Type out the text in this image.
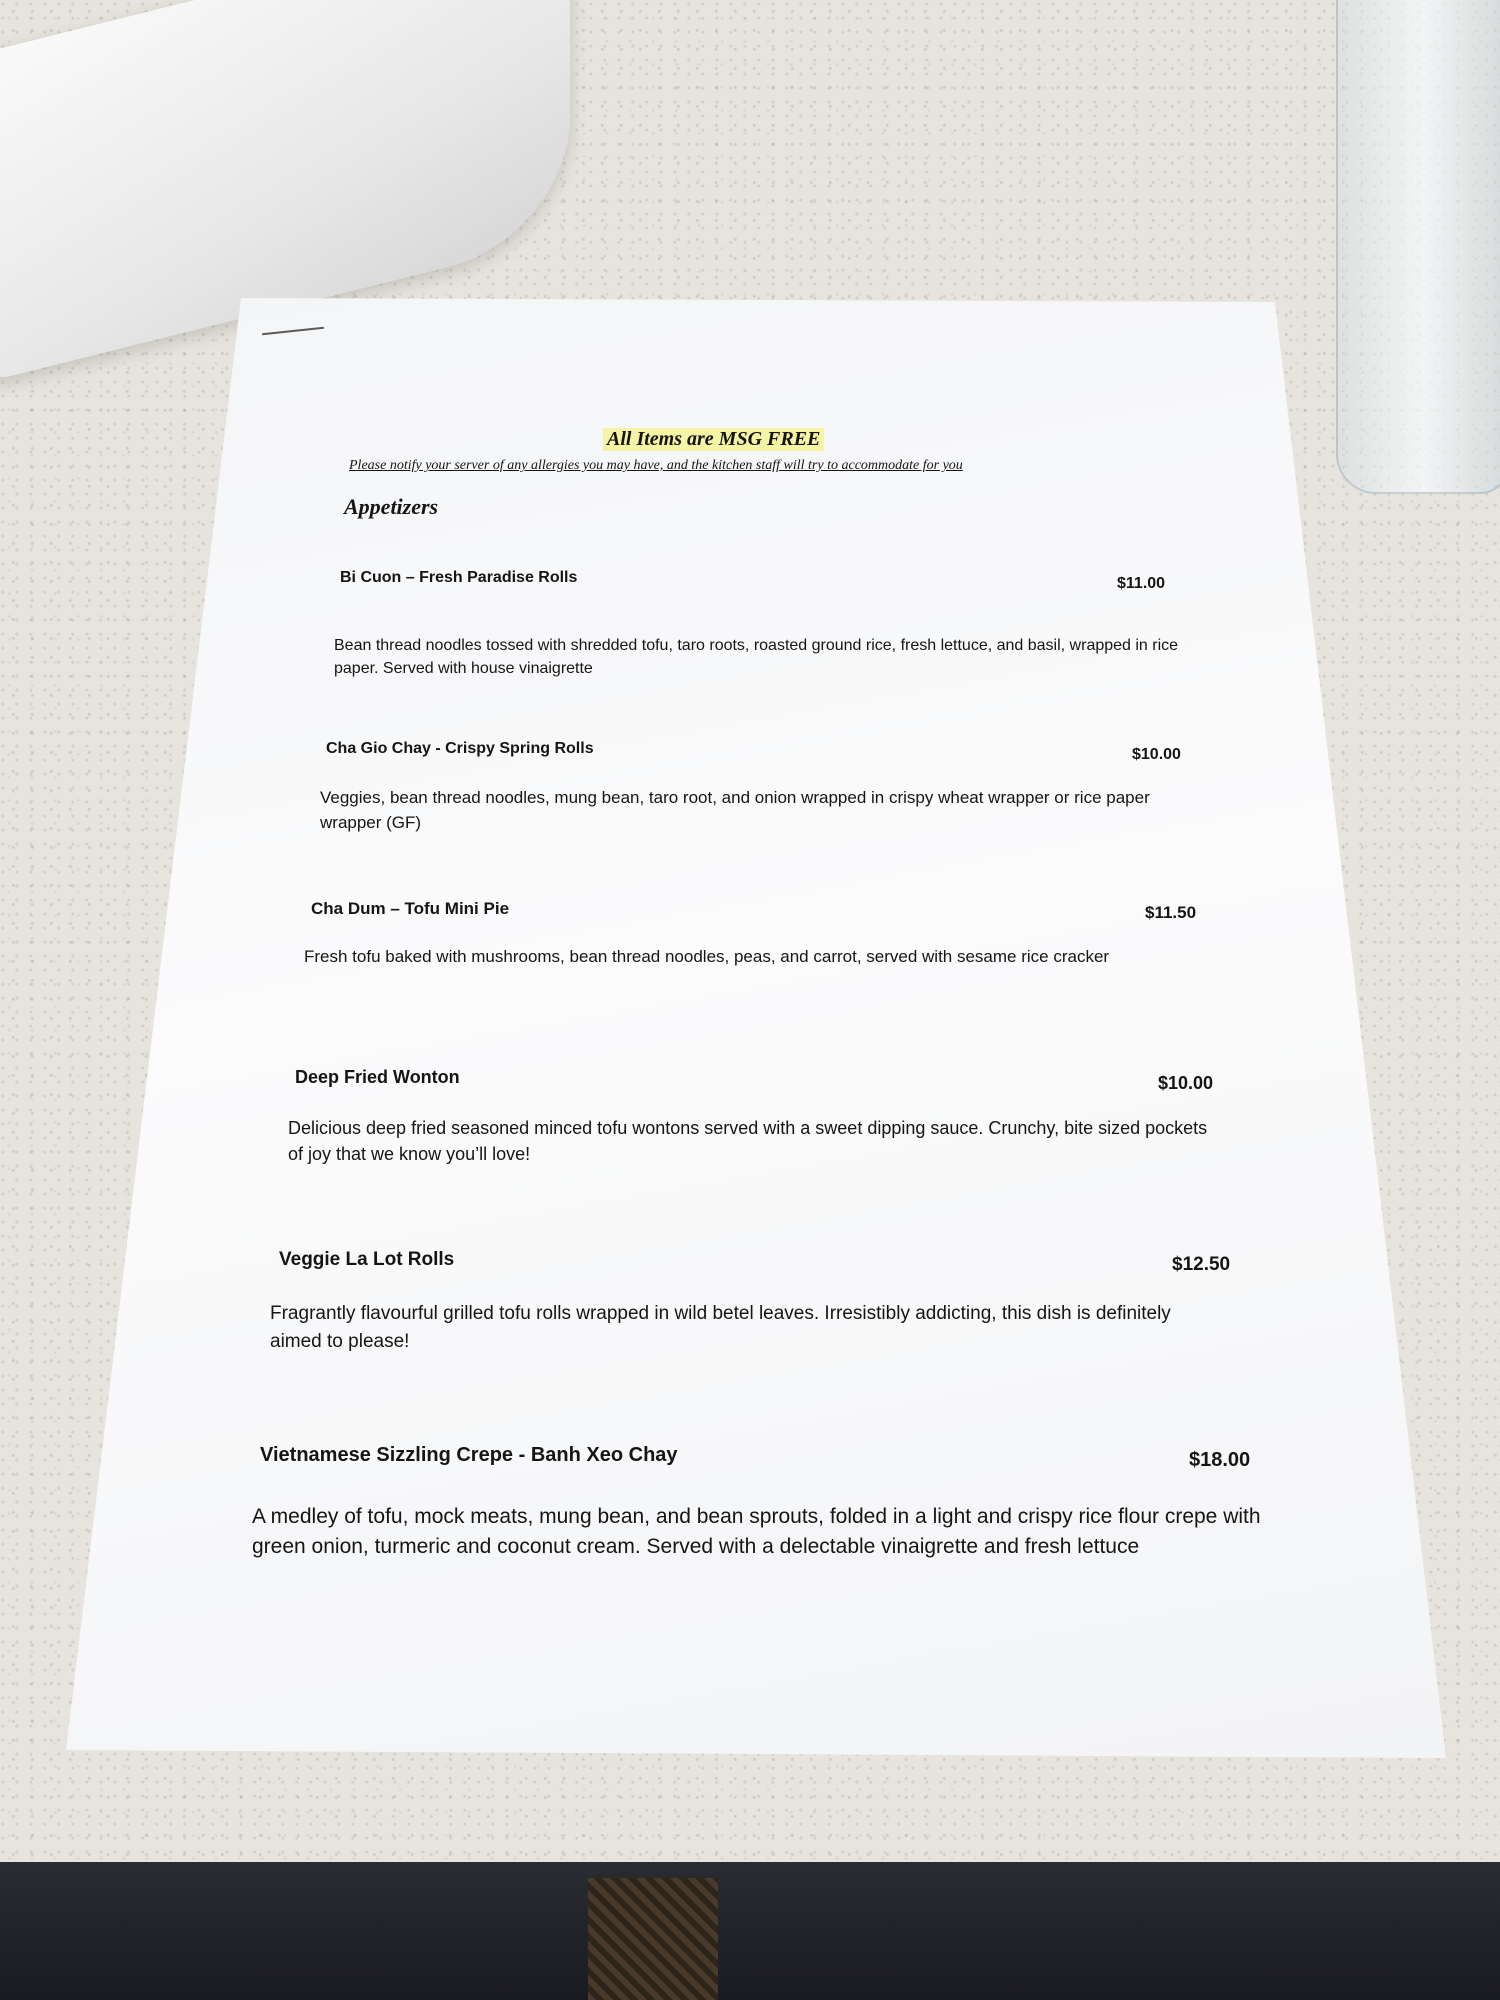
All Items are MSG FREE
Please notify your server of any allergies you may have, and the kitchen staff will try to accommodate for you
Appetizers
Bi Cuon – Fresh Paradise Rolls	$11.00
Bean thread noodles tossed with shredded tofu, taro roots, roasted ground rice, fresh lettuce, and basil, wrapped in rice paper. Served with house vinaigrette
Cha Gio Chay - Crispy Spring Rolls	$10.00
Veggies, bean thread noodles, mung bean, taro root, and onion wrapped in crispy wheat wrapper or rice paper wrapper (GF)
Cha Dum – Tofu Mini Pie	$11.50
Fresh tofu baked with mushrooms, bean thread noodles, peas, and carrot, served with sesame rice cracker
Deep Fried Wonton	$10.00
Delicious deep fried seasoned minced tofu wontons served with a sweet dipping sauce. Crunchy, bite sized pockets of joy that we know you’ll love!
Veggie La Lot Rolls	$12.50
Fragrantly flavourful grilled tofu rolls wrapped in wild betel leaves. Irresistibly addicting, this dish is definitely aimed to please!
Vietnamese Sizzling Crepe - Banh Xeo Chay	$18.00
A medley of tofu, mock meats, mung bean, and bean sprouts, folded in a light and crispy rice flour crepe with green onion, turmeric and coconut cream. Served with a delectable vinaigrette and fresh lettuce
